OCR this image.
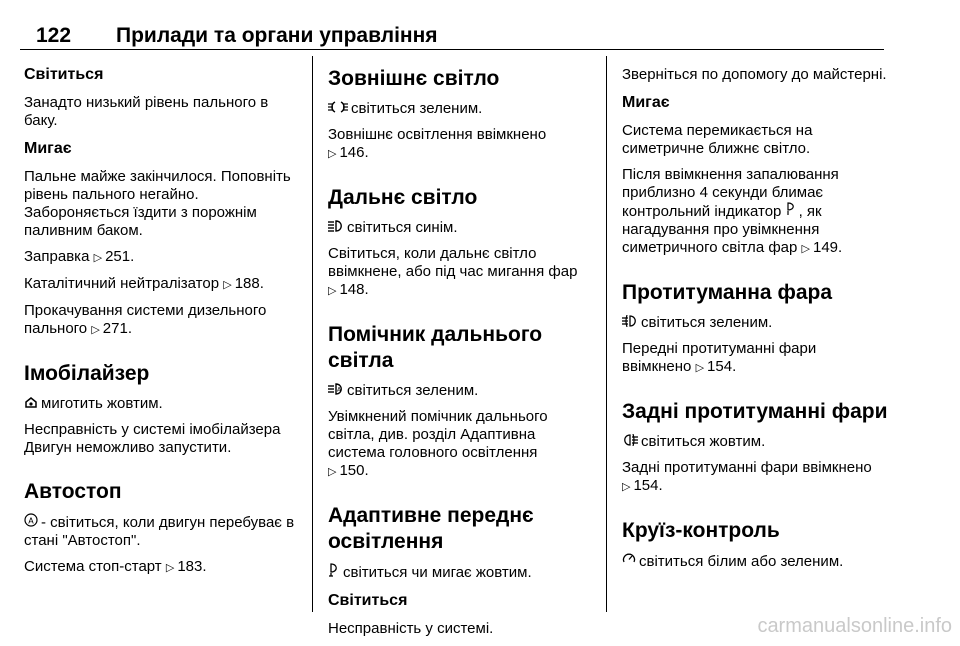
122 Прилади та органи управління
Світиться

Занадто низький рівень пального в баку.

Мигає

Пальне майже закінчилося. Поповніть рівень пального негайно. Забороняється їздити з порожнім паливним баком.

Заправка ▷ 251.

Каталітичний нейтралізатор ▷ 188.

Прокачування системи дизельного пального ▷ 271.

Імобілайзер

миготить жовтим.

Несправність у системі імобілайзера Двигун неможливо запустити.

Автостоп

A - світиться, коли двигун перебуває в стані "Автостоп".

Система стоп-старт ▷ 183.

Зовнішнє світло

світиться зеленим.

Зовнішнє освітлення ввімкнено
▷ 146.

Дальнє світло

світиться синім.

Світиться, коли дальнє світло ввімкнене, або під час мигання фар
▷ 148.

Помічник дальнього світла

A світиться зеленим.

Увімкнений помічник дальнього світла, див. розділ Адаптивна система головного освітлення
▷ 150.

Адаптивне переднє освітлення

світиться чи мигає жовтим.

Світиться

Несправність у системі.

Зверніться по допомогу до майстерні.

Мигає

Система перемикається на симетричне ближнє світло.

Після ввімкнення запалювання приблизно 4 секунди блимає контрольний індикатор , як нагадування про увімкнення симетричного світла фар ▷ 149.

Протитуманна фара

світиться зеленим.

Передні протитуманні фари ввімкнено ▷ 154.

Задні протитуманні фари

світиться жовтим.

Задні протитуманні фари ввімкнено ▷ 154.

Круїз-контроль

світиться білим або зеленим.

carmanualsonline.info
